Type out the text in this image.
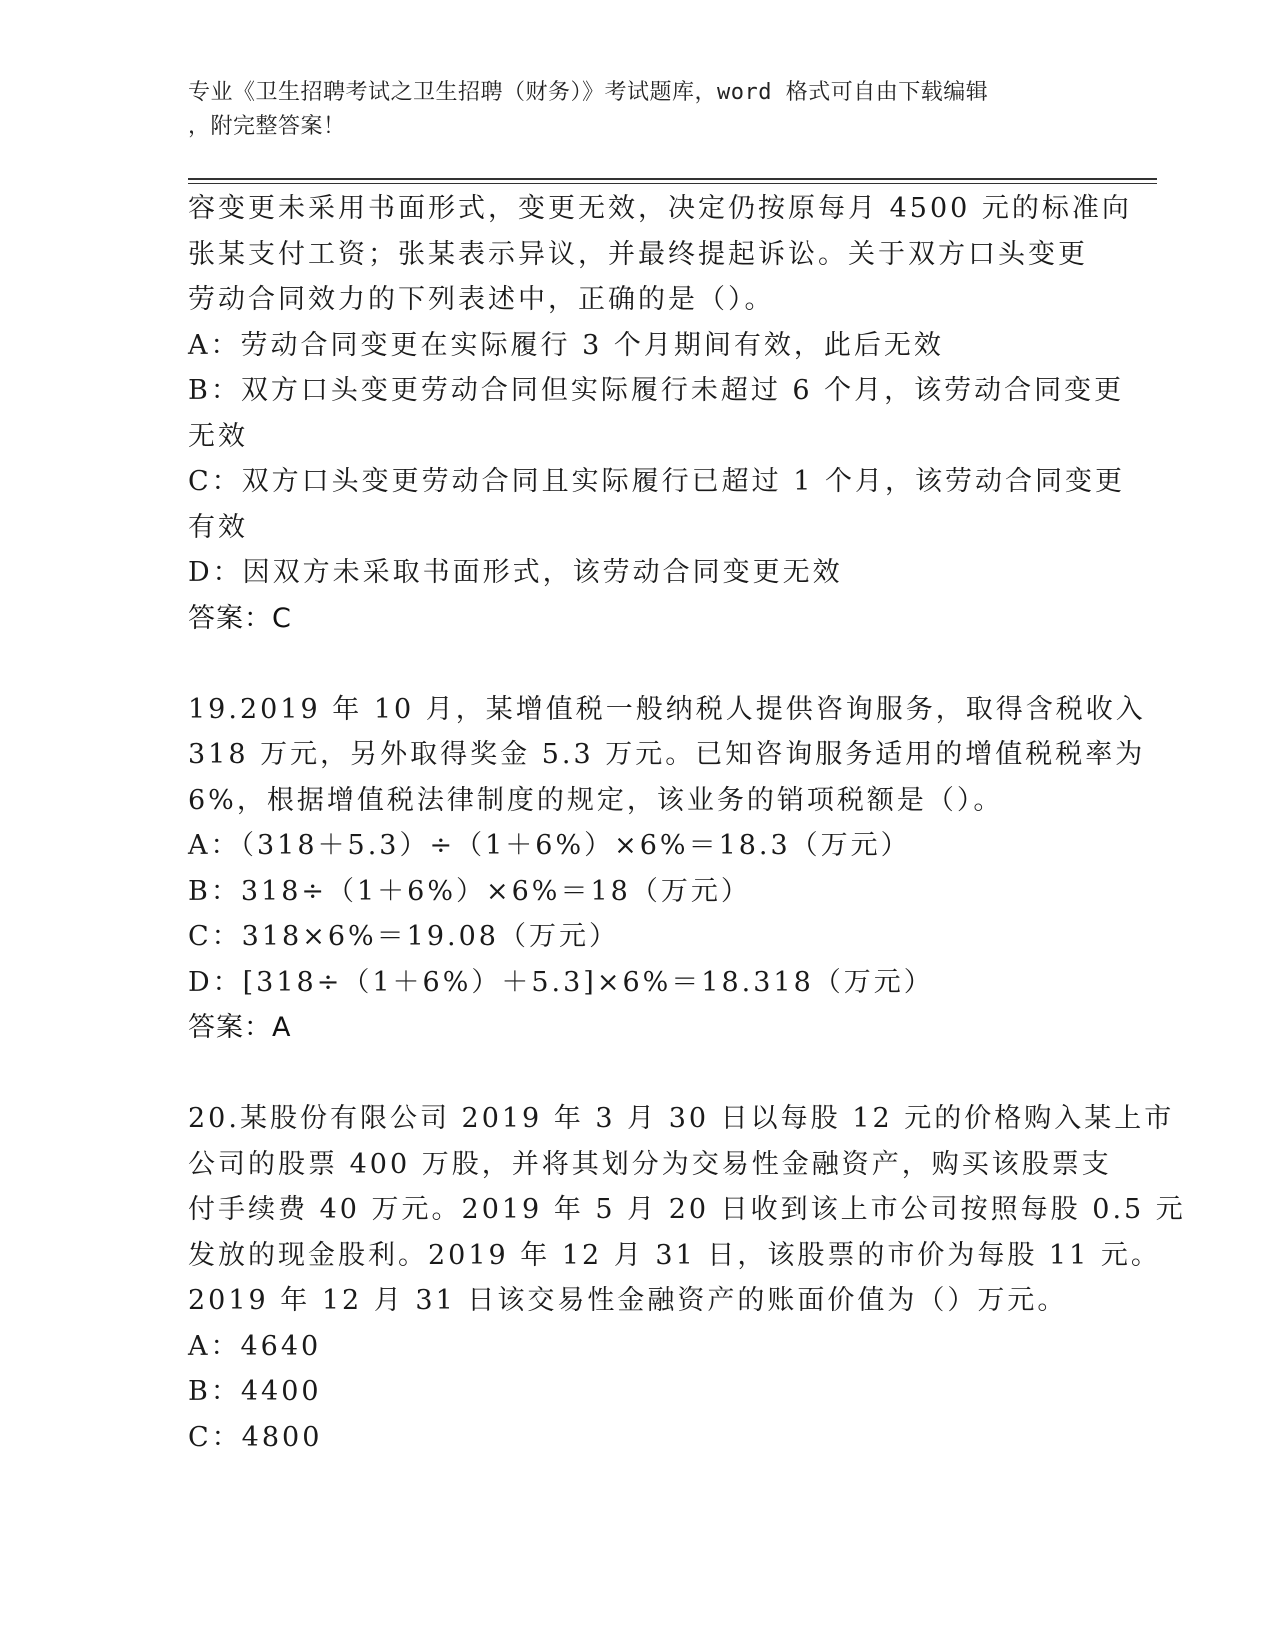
专业《卫生招聘考试之卫生招聘（财务）》考试题库，word 格式可自由下载编辑
，附完整答案！
容变更未采用书面形式，变更无效，决定仍按原每月 4500 元的标准向
张某支付工资；张某表示异议，并最终提起诉讼。关于双方口头变更
劳动合同效力的下列表述中，正确的是（）。
A：劳动合同变更在实际履行 3 个月期间有效，此后无效
B：双方口头变更劳动合同但实际履行未超过 6 个月，该劳动合同变更
无效
C：双方口头变更劳动合同且实际履行已超过 1 个月，该劳动合同变更
有效
D：因双方未采取书面形式，该劳动合同变更无效
答案：C
19.2019 年 10 月，某增值税一般纳税人提供咨询服务，取得含税收入
318 万元，另外取得奖金 5.3 万元。已知咨询服务适用的增值税税率为
6%，根据增值税法律制度的规定，该业务的销项税额是（）。
A：（318＋5.3）÷（1＋6%）×6%＝18.3（万元）
B：318÷（1＋6%）×6%＝18（万元）
C：318×6%＝19.08（万元）
D：[318÷（1＋6%）＋5.3]×6%＝18.318（万元）
答案：A
20.某股份有限公司 2019 年 3 月 30 日以每股 12 元的价格购入某上市
公司的股票 400 万股，并将其划分为交易性金融资产，购买该股票支
付手续费 40 万元。2019 年 5 月 20 日收到该上市公司按照每股 0.5 元
发放的现金股利。2019 年 12 月 31 日，该股票的市价为每股 11 元。
2019 年 12 月 31 日该交易性金融资产的账面价值为（）万元。
A：4640
B：4400
C：4800
